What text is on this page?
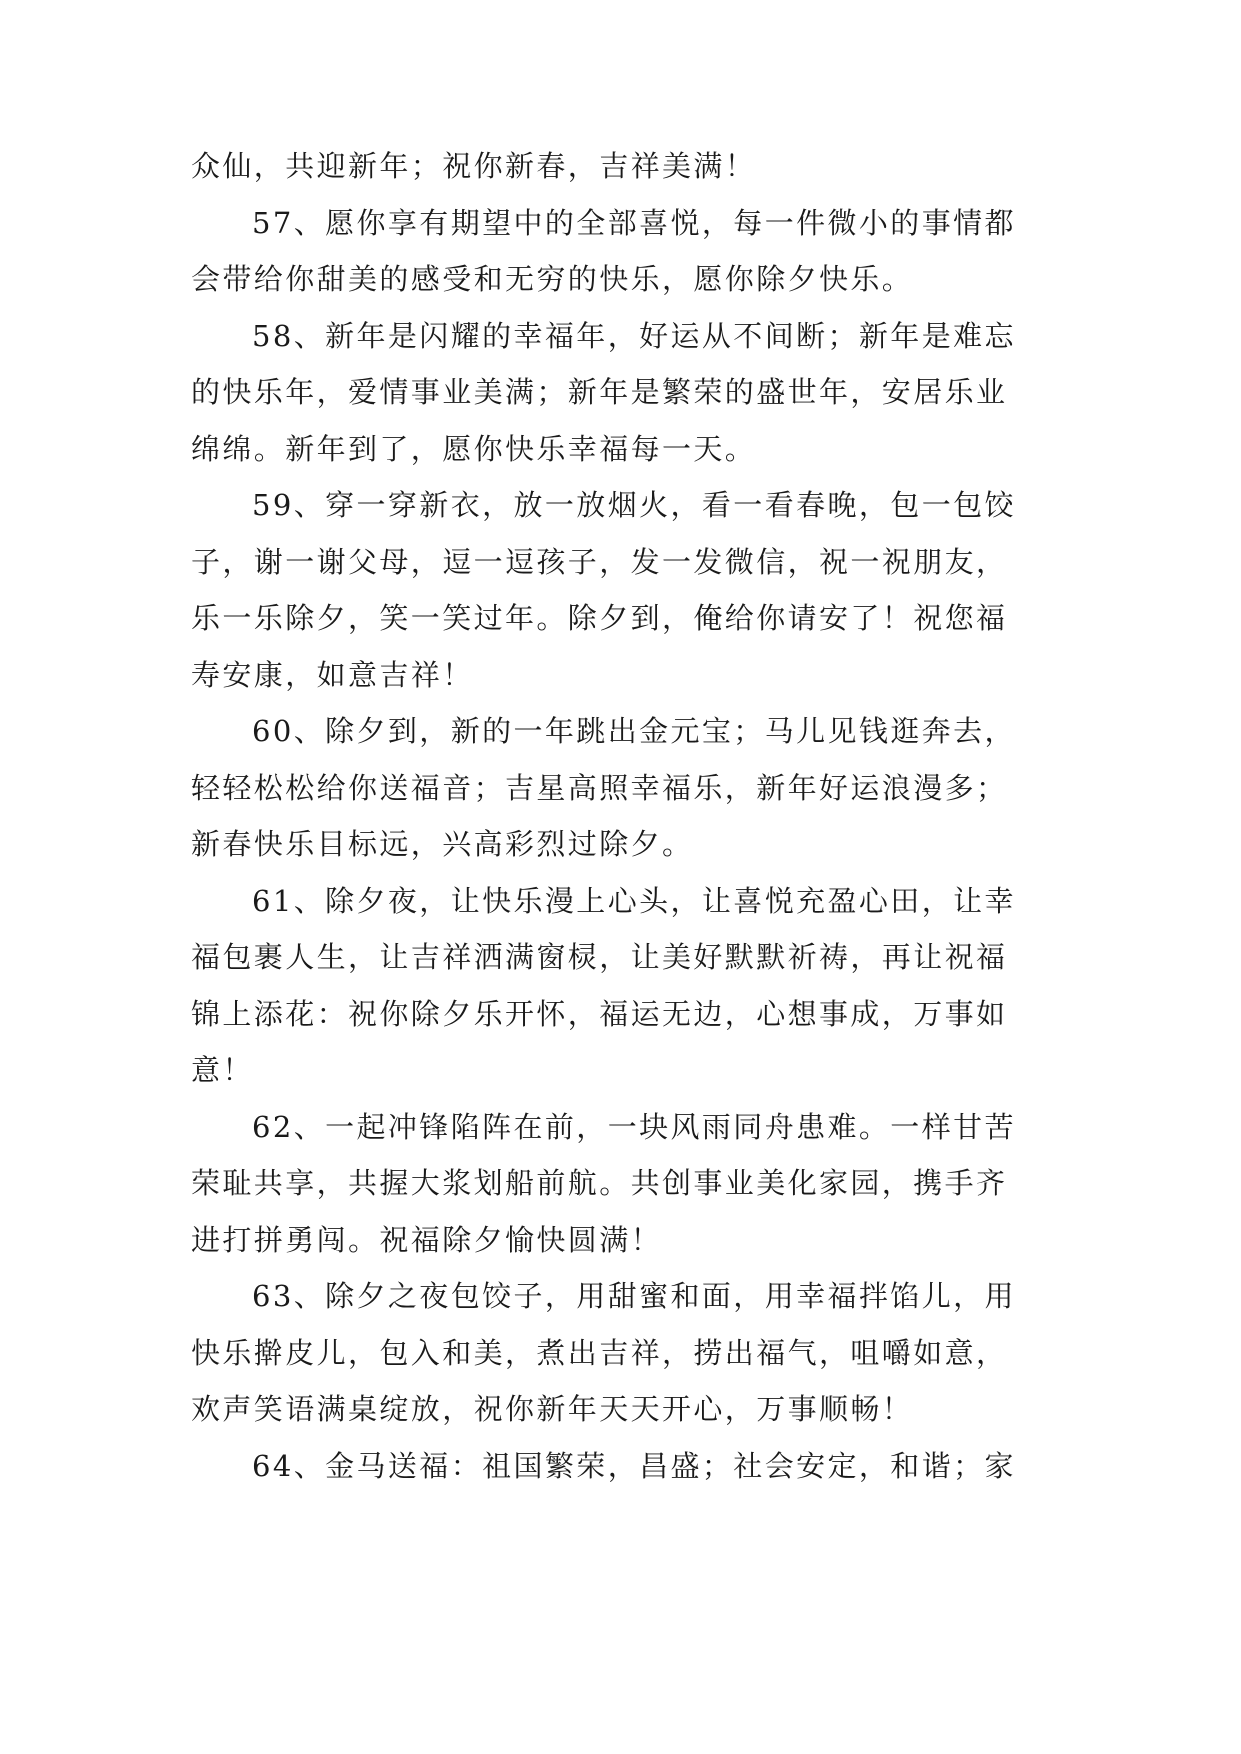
众仙，共迎新年；祝你新春，吉祥美满！
57、愿你享有期望中的全部喜悦，每一件微小的事情都
会带给你甜美的感受和无穷的快乐，愿你除夕快乐。
58、新年是闪耀的幸福年，好运从不间断；新年是难忘
的快乐年，爱情事业美满；新年是繁荣的盛世年，安居乐业
绵绵。新年到了，愿你快乐幸福每一天。
59、穿一穿新衣，放一放烟火，看一看春晚，包一包饺
子，谢一谢父母，逗一逗孩子，发一发微信，祝一祝朋友，
乐一乐除夕，笑一笑过年。除夕到，俺给你请安了！祝您福
寿安康，如意吉祥！
60、除夕到，新的一年跳出金元宝；马儿见钱逛奔去，
轻轻松松给你送福音；吉星高照幸福乐，新年好运浪漫多；
新春快乐目标远，兴高彩烈过除夕。
61、除夕夜，让快乐漫上心头，让喜悦充盈心田，让幸
福包裹人生，让吉祥洒满窗棂，让美好默默祈祷，再让祝福
锦上添花：祝你除夕乐开怀，福运无边，心想事成，万事如
意！
62、一起冲锋陷阵在前，一块风雨同舟患难。一样甘苦
荣耻共享，共握大浆划船前航。共创事业美化家园，携手齐
进打拼勇闯。祝福除夕愉快圆满！
63、除夕之夜包饺子，用甜蜜和面，用幸福拌馅儿，用
快乐擀皮儿，包入和美，煮出吉祥，捞出福气，咀嚼如意，
欢声笑语满桌绽放，祝你新年天天开心，万事顺畅！
64、金马送福：祖国繁荣，昌盛；社会安定，和谐；家
